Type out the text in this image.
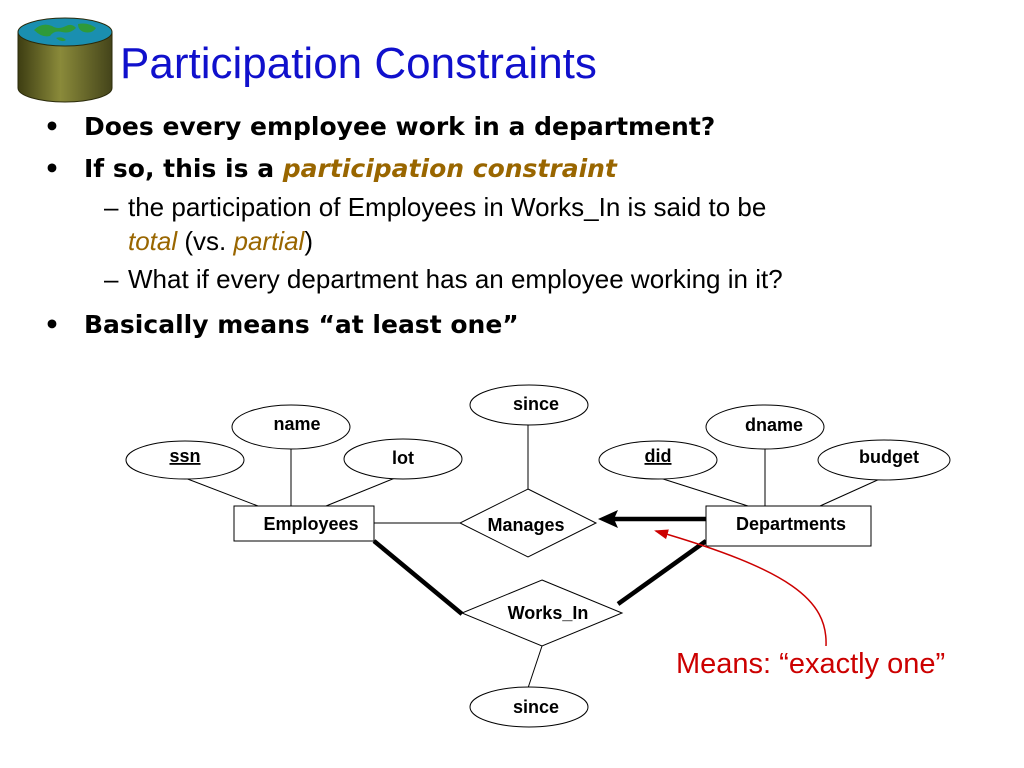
Participation Constraints
• Does every employee work in a department?
• If so, this is a participation constraint
– the participation of Employees in Works_In is said to be
total (vs. partial)
– What if every department has an employee working in it?
• Basically means “at least one”
Employees	Departments
Manages
Works_In
ssn
name
lot
since
did
dname
budget
since

Means: “exactly one”
